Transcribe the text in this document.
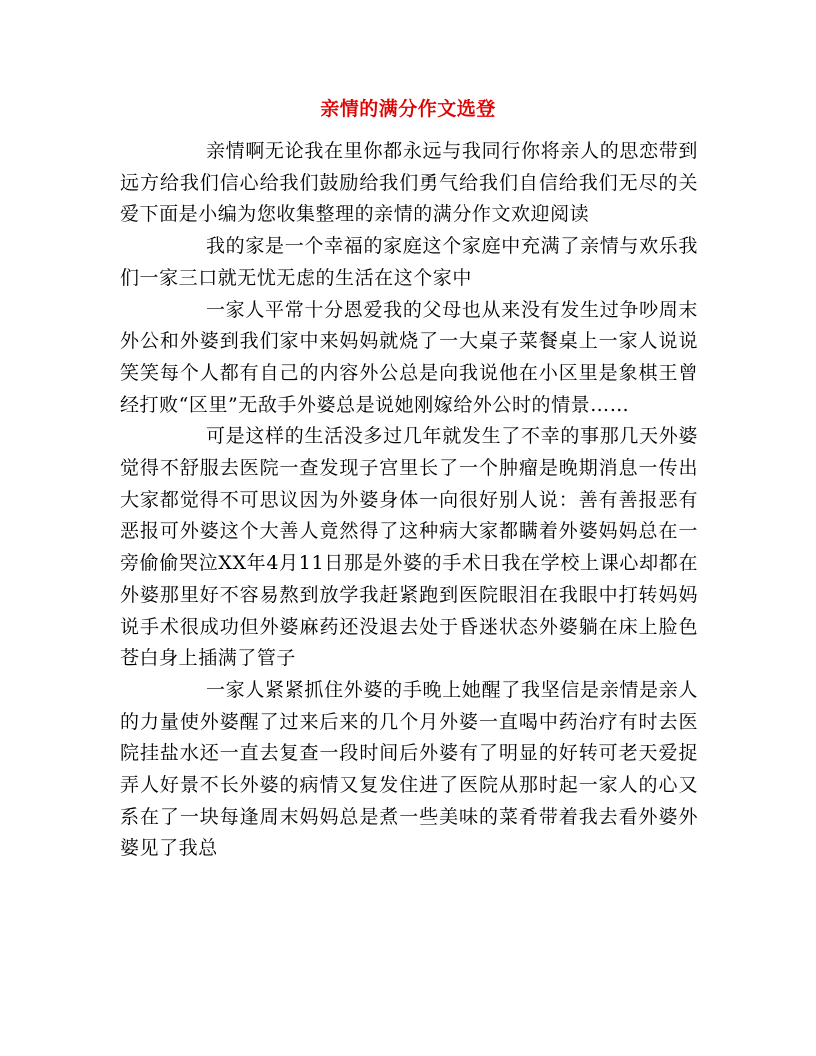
亲情的满分作文选登

亲情啊无论我在里你都永远与我同行你将亲人的思恋带到远方给我们信心给我们鼓励给我们勇气给我们自信给我们无尽的关爱下面是小编为您收集整理的亲情的满分作文欢迎阅读

我的家是一个幸福的家庭这个家庭中充满了亲情与欢乐我们一家三口就无忧无虑的生活在这个家中

一家人平常十分恩爱我的父母也从来没有发生过争吵周末外公和外婆到我们家中来妈妈就烧了一大桌子菜餐桌上一家人说说笑笑每个人都有自己的内容外公总是向我说他在小区里是象棋王曾经打败“区里”无敌手外婆总是说她刚嫁给外公时的情景……

可是这样的生活没多过几年就发生了不幸的事那几天外婆觉得不舒服去医院一查发现子宫里长了一个肿瘤是晚期消息一传出大家都觉得不可思议因为外婆身体一向很好别人说：善有善报恶有恶报可外婆这个大善人竟然得了这种病大家都瞒着外婆妈妈总在一旁偷偷哭泣XX年4月11日那是外婆的手术日我在学校上课心却都在外婆那里好不容易熬到放学我赶紧跑到医院眼泪在我眼中打转妈妈说手术很成功但外婆麻药还没退去处于昏迷状态外婆躺在床上脸色苍白身上插满了管子

一家人紧紧抓住外婆的手晚上她醒了我坚信是亲情是亲人的力量使外婆醒了过来后来的几个月外婆一直喝中药治疗有时去医院挂盐水还一直去复查一段时间后外婆有了明显的好转可老天爱捉弄人好景不长外婆的病情又复发住进了医院从那时起一家人的心又系在了一块每逢周末妈妈总是煮一些美味的菜肴带着我去看外婆外婆见了我总
